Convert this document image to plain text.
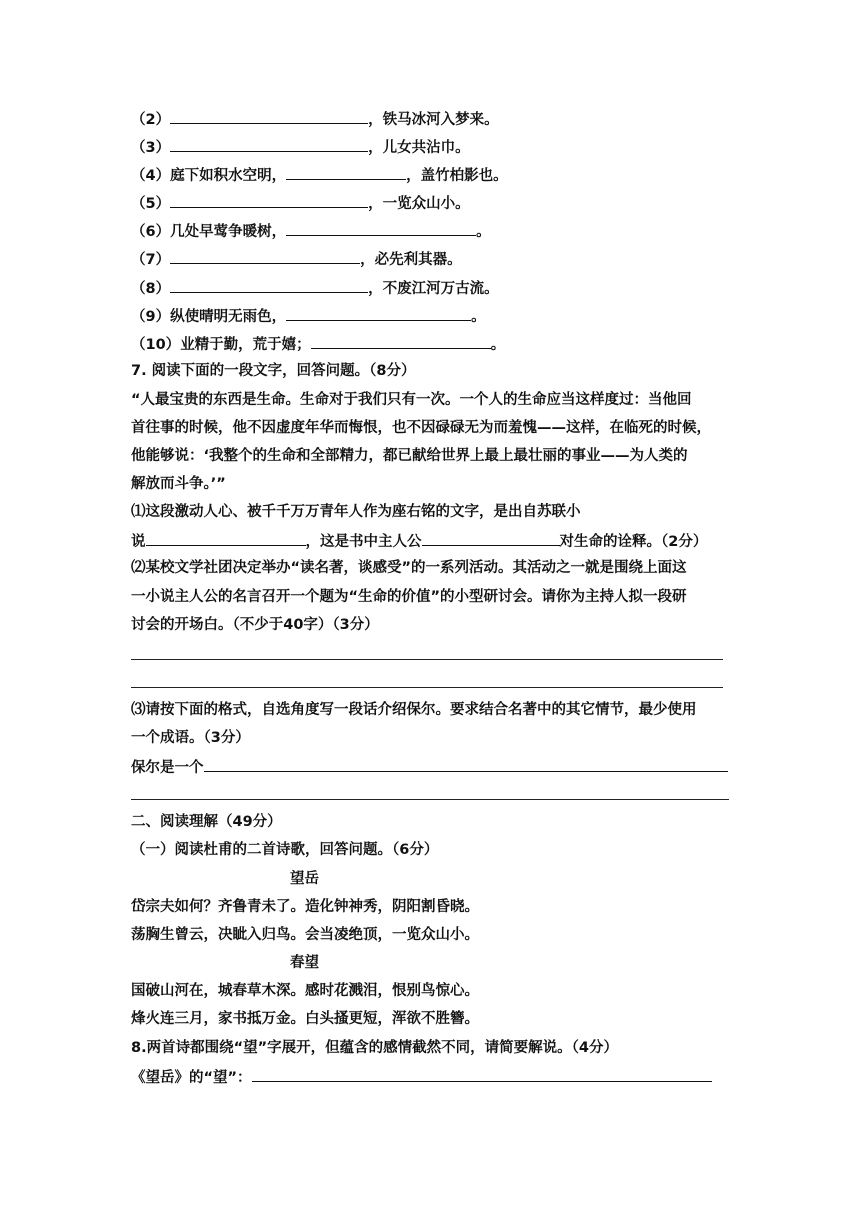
（2）	，铁马冰河入梦来。
（3）	，儿女共沾巾。
（4）庭下如积水空明，	，盖竹柏影也。
（5）	，一览众山小。
（6）几处早莺争暖树，	。
（7）	，必先利其器。
（8）	，不废江河万古流。
（9）纵使晴明无雨色，	。
（10）业精于勤，荒于嬉；	。
7. 阅读下面的一段文字，回答问题。（8分）
“人最宝贵的东西是生命。生命对于我们只有一次。一个人的生命应当这样度过：当他回
首往事的时候，他不因虚度年华而悔恨，也不因碌碌无为而羞愧——这样，在临死的时候，
他能够说：‘我整个的生命和全部精力，都已献给世界上最上最壮丽的事业——为人类的
解放而斗争。’”
⑴这段激动人心、被千千万万青年人作为座右铭的文字，是出自苏联小
说	，这是书中主人公	对生命的诠释。（2分）
⑵某校文学社团决定举办“读名著，谈感受”的一系列活动。其活动之一就是围绕上面这
一小说主人公的名言召开一个题为“生命的价值”的小型研讨会。请你为主持人拟一段研
讨会的开场白。（不少于40字）（3分）
⑶请按下面的格式，自选角度写一段话介绍保尔。要求结合名著中的其它情节，最少使用
一个成语。（3分）
保尔是一个
二、阅读理解（49分）
（一）阅读杜甫的二首诗歌，回答问题。（6分）
望岳
岱宗夫如何？齐鲁青未了。造化钟神秀，阴阳割昏晓。
荡胸生曾云，决眦入归鸟。会当凌绝顶，一览众山小。
春望
国破山河在，城春草木深。感时花溅泪，恨别鸟惊心。
烽火连三月，家书抵万金。白头搔更短，浑欲不胜簪。
8.两首诗都围绕“望”字展开，但蕴含的感情截然不同，请简要解说。（4分）
《望岳》的“望”：
